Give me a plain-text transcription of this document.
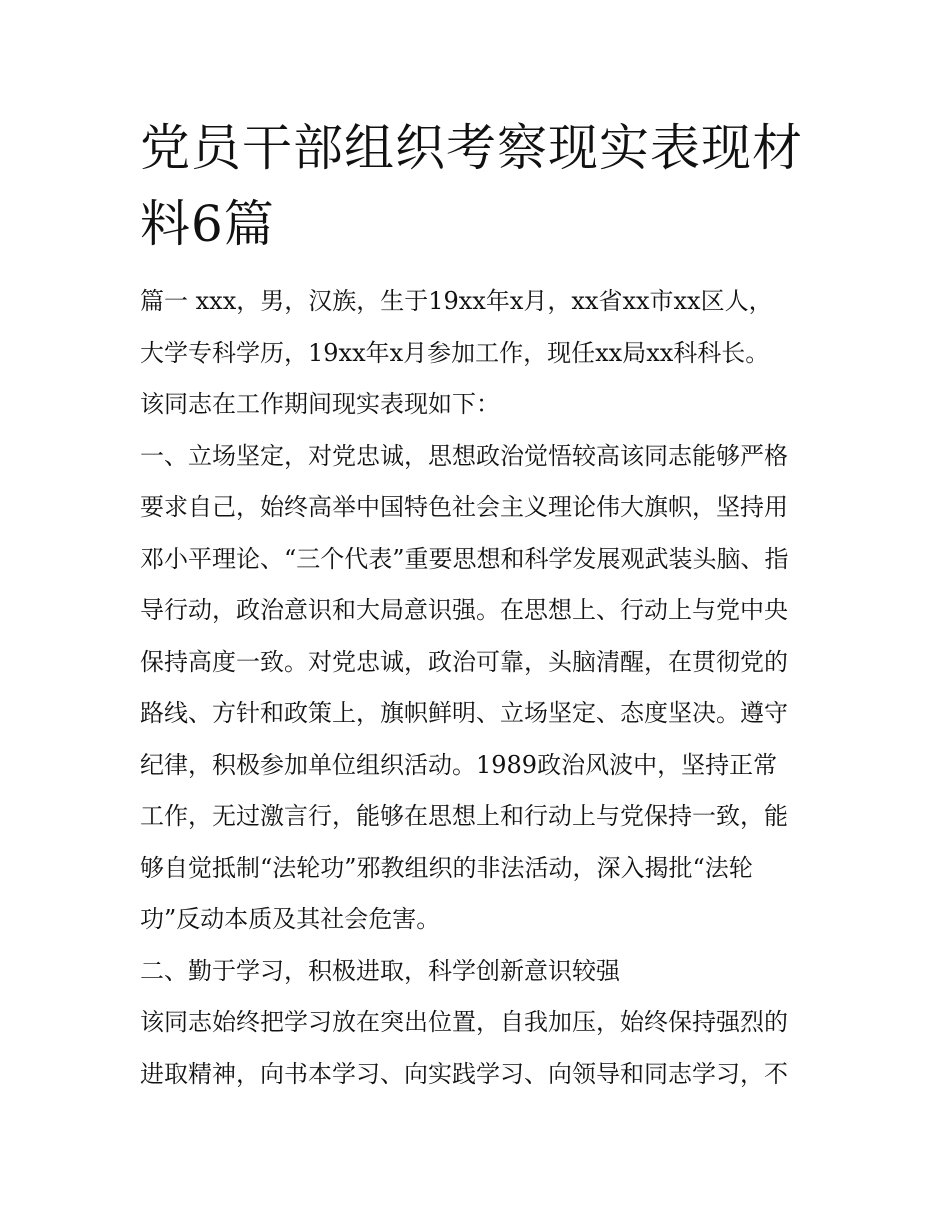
党员干部组织考察现实表现材料6篇
篇一 xxx，男，汉族，生于19xx年x月，xx省xx市xx区人，
大学专科学历，19xx年x月参加工作，现任xx局xx科科长。
该同志在工作期间现实表现如下：
一、立场坚定，对党忠诚，思想政治觉悟较高该同志能够严格
要求自己，始终高举中国特色社会主义理论伟大旗帜，坚持用
邓小平理论、“三个代表”重要思想和科学发展观武装头脑、指
导行动，政治意识和大局意识强。在思想上、行动上与党中央
保持高度一致。对党忠诚，政治可靠，头脑清醒，在贯彻党的
路线、方针和政策上，旗帜鲜明、立场坚定、态度坚决。遵守
纪律，积极参加单位组织活动。1989政治风波中，坚持正常
工作，无过激言行，能够在思想上和行动上与党保持一致，能
够自觉抵制“法轮功”邪教组织的非法活动，深入揭批“法轮
功”反动本质及其社会危害。
二、勤于学习，积极进取，科学创新意识较强
该同志始终把学习放在突出位置，自我加压，始终保持强烈的
进取精神，向书本学习、向实践学习、向领导和同志学习，不
